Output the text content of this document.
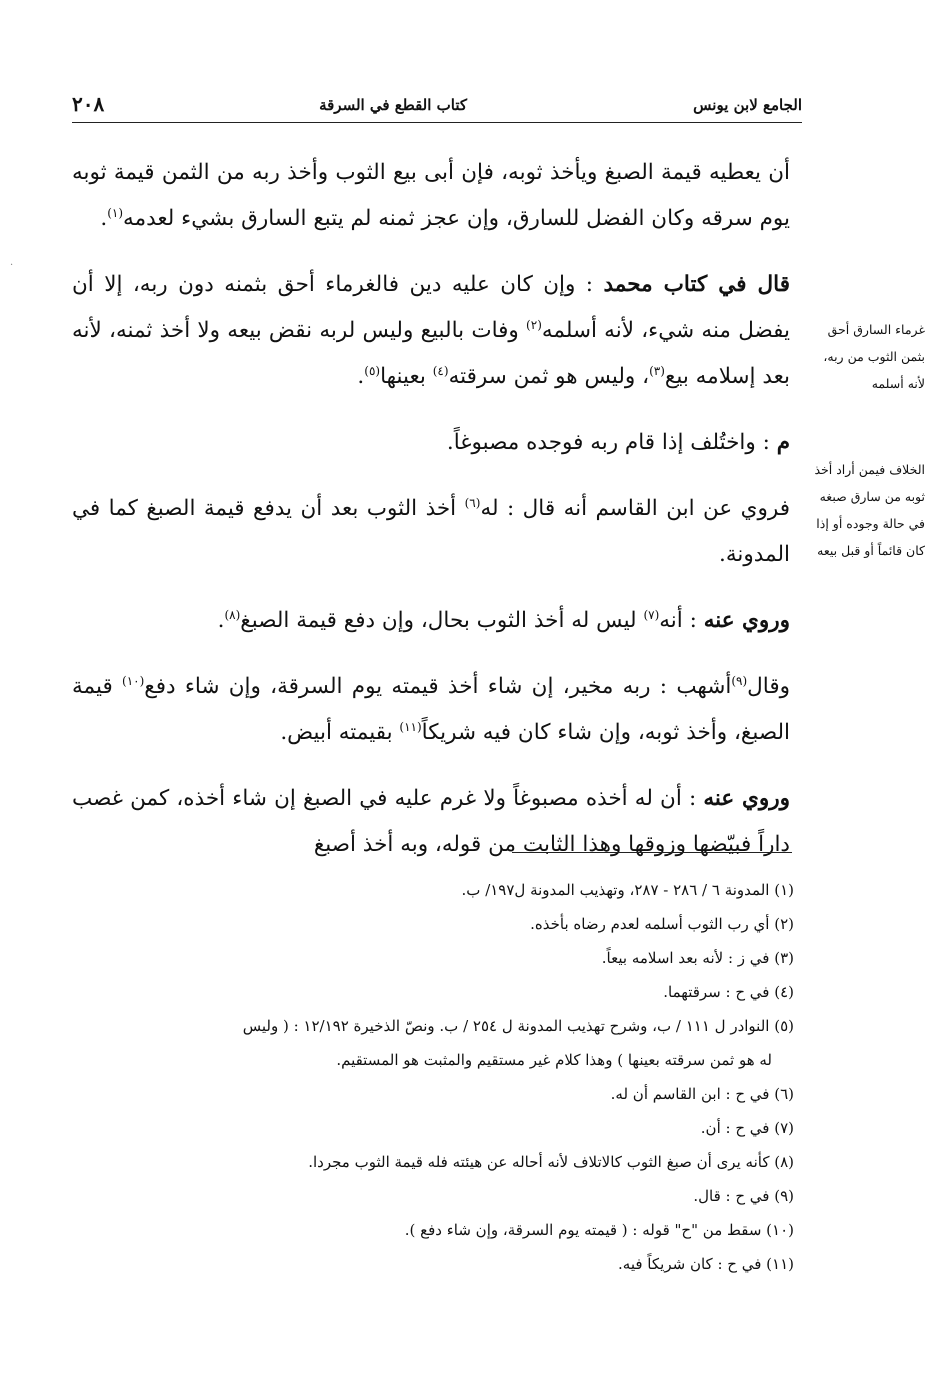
الجامع لابن يونس
كتاب القطع في السرقة
٢٠٨
·

أن يعطيه قيمة الصبغ ويأخذ ثوبه، فإن أبى بيع الثوب وأخذ ربه من الثمن قيمة ثوبه يوم سرقه وكان الفضل للسارق، وإن عجز ثمنه لم يتبع السارق بشيء لعدمه$^{(١)}$.

قال في كتاب محمد : وإن كان عليه دين فالغرماء أحق بثمنه دون ربه، إلا أن يفضل منه شيء، لأنه أسلمه$^{(٢)}$ وفات بالبيع وليس لربه نقض بيعه ولا أخذ ثمنه، لأنه بعد إسلامه بيع$^{(٣)}$، وليس هو ثمن سرقته$^{(٤)}$ بعينها$^{(٥)}$.

م : واختُلف إذا قام ربه فوجده مصبوغاً.

فروي عن ابن القاسم أنه قال : له$^{(٦)}$ أخذ الثوب بعد أن يدفع قيمة الصبغ كما في المدونة.

وروي عنه : أنه$^{(٧)}$ ليس له أخذ الثوب بحال، وإن دفع قيمة الصبغ$^{(٨)}$.

وقال$^{(٩)}$أشهب : ربه مخير، إن شاء أخذ قيمته يوم السرقة، وإن شاء دفع$^{(١٠)}$ قيمة الصبغ، وأخذ ثوبه، وإن شاء كان فيه شريكاً$^{(١١)}$ بقيمته أبيض.

وروي عنه : أن له أخذه مصبوغاً ولا غرم عليه في الصبغ إن شاء أخذه، كمن غصب داراً فبيّضها وزوقها وهذا الثابت من قوله، وبه أخذ أصبغ

غرماء السارق أحق بثمن الثوب من ربه، لأنه أسلمه
الخلاف فيمن أراد أخذ ثوبه من سارق صبغه في حالة وجوده أو إذا كان قائماً أو قبل بيعه
(١) المدونة ٦ / ٢٨٦ - ٢٨٧، وتهذيب المدونة ل١٩٧/ ب.
(٢) أي رب الثوب أسلمه لعدم رضاه بأخذه.
(٣) في ز : لأنه بعد اسلامه بيعاً.
(٤) في ح : سرقتهما.
(٥) النوادر ل ١١١ / ب، وشرح تهذيب المدونة ل ٢٥٤ / ب. ونصّ الذخيرة ١٢/١٩٢ : ( وليس
له هو ثمن سرقته بعينها ) وهذا كلام غير مستقيم والمثبت هو المستقيم.
(٦) في ح : ابن القاسم أن له.
(٧) في ح : أن.
(٨) كأنه يرى أن صبغ الثوب كالاتلاف لأنه أحاله عن هيئته فله قيمة الثوب مجردا.
(٩) في ح : قال.
(١٠) سقط من "ح" قوله : ( قيمته يوم السرقة، وإن شاء دفع ).
(١١) في ح : كان شريكاً فيه.
